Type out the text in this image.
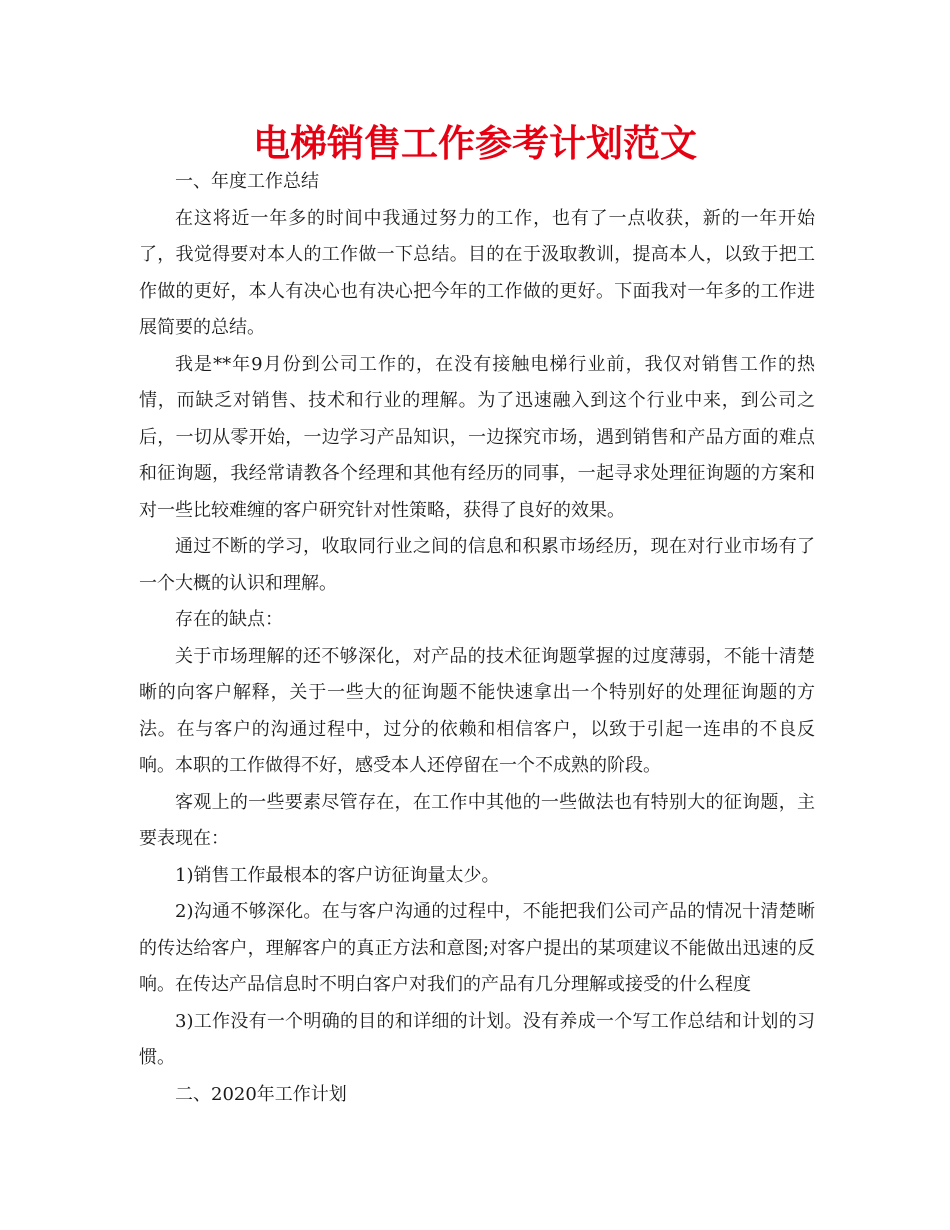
电梯销售工作参考计划范文

一、年度工作总结

在这将近一年多的时间中我通过努力的工作，也有了一点收获，新的一年开始了，我觉得要对本人的工作做一下总结。目的在于汲取教训，提高本人，以致于把工作做的更好，本人有决心也有决心把今年的工作做的更好。下面我对一年多的工作进展简要的总结。

我是**年9月份到公司工作的，在没有接触电梯行业前，我仅对销售工作的热情，而缺乏对销售、技术和行业的理解。为了迅速融入到这个行业中来，到公司之后，一切从零开始，一边学习产品知识，一边探究市场，遇到销售和产品方面的难点和征询题，我经常请教各个经理和其他有经历的同事，一起寻求处理征询题的方案和对一些比较难缠的客户研究针对性策略，获得了良好的效果。

通过不断的学习，收取同行业之间的信息和积累市场经历，现在对行业市场有了一个大概的认识和理解。

存在的缺点：

关于市场理解的还不够深化，对产品的技术征询题掌握的过度薄弱，不能十清楚晰的向客户解释，关于一些大的征询题不能快速拿出一个特别好的处理征询题的方法。在与客户的沟通过程中，过分的依赖和相信客户，以致于引起一连串的不良反响。本职的工作做得不好，感受本人还停留在一个不成熟的阶段。

客观上的一些要素尽管存在，在工作中其他的一些做法也有特别大的征询题，主要表现在：

1)销售工作最根本的客户访征询量太少。

2)沟通不够深化。在与客户沟通的过程中，不能把我们公司产品的情况十清楚晰的传达给客户，理解客户的真正方法和意图;对客户提出的某项建议不能做出迅速的反响。在传达产品信息时不明白客户对我们的产品有几分理解或接受的什么程度

3)工作没有一个明确的目的和详细的计划。没有养成一个写工作总结和计划的习惯。

二、2020年工作计划
